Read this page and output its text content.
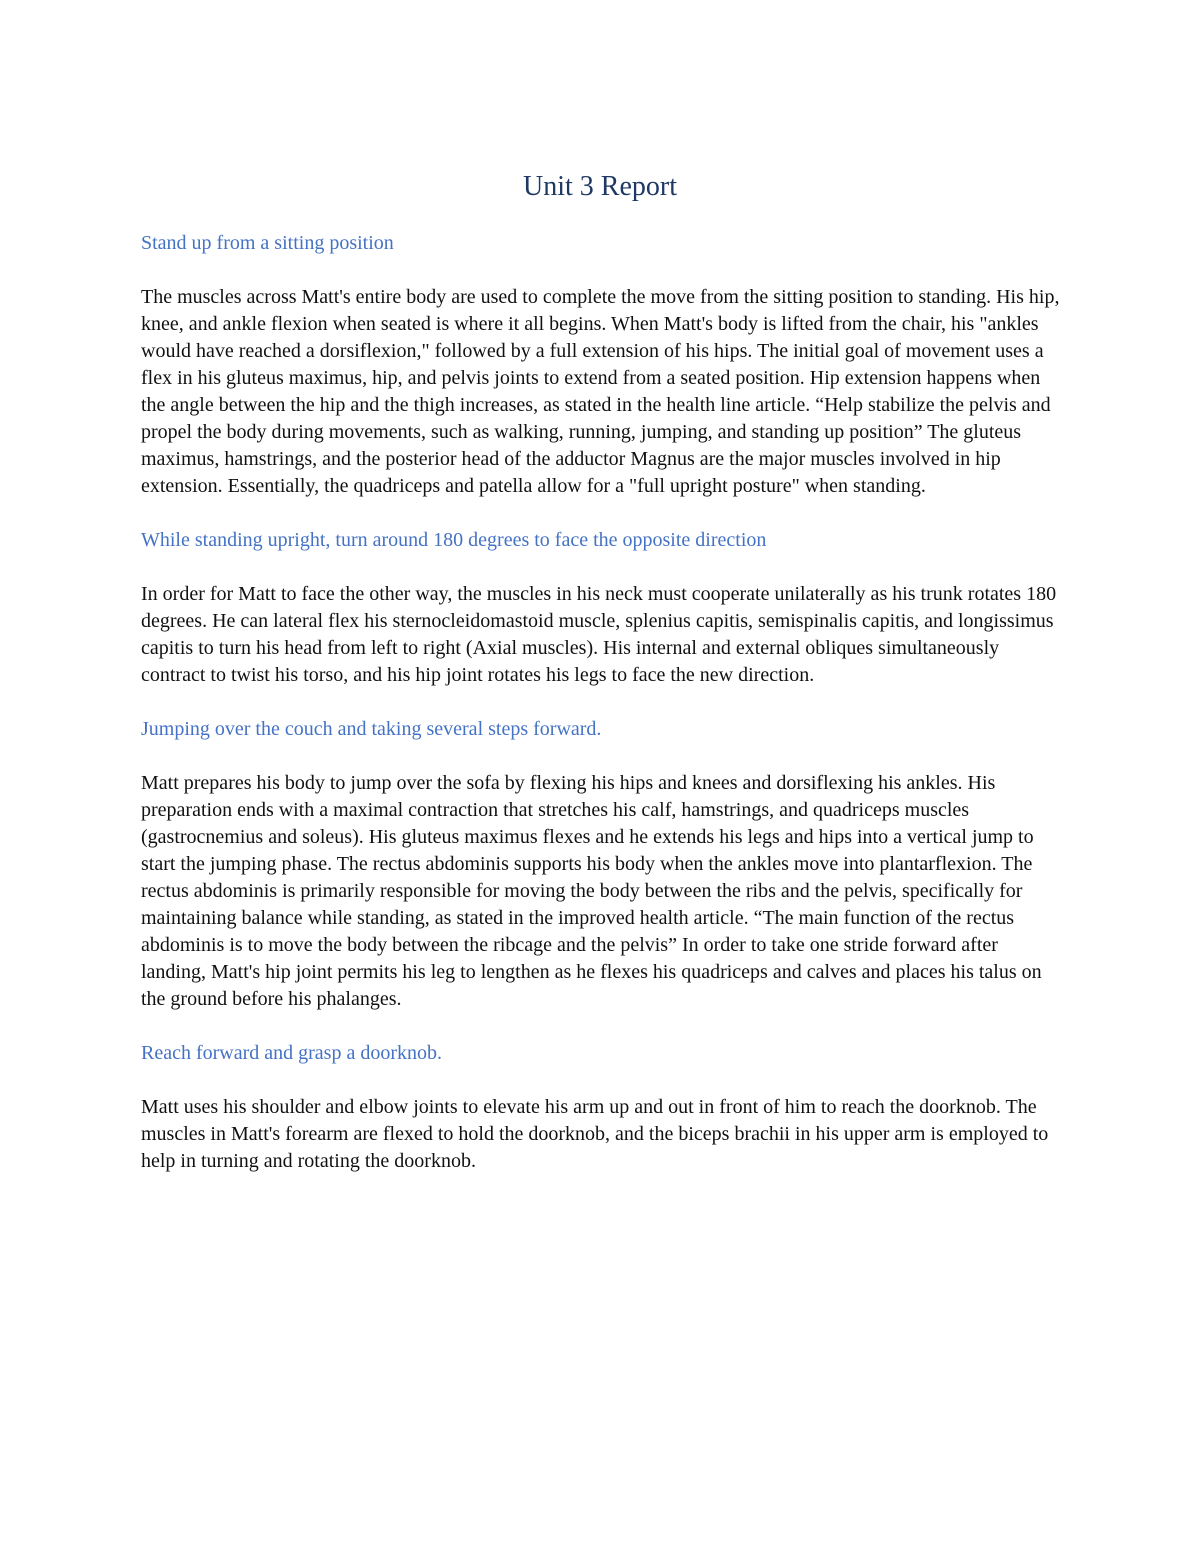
Unit 3 Report
Stand up from a sitting position

The muscles across Matt's entire body are used to complete the move from the sitting position to standing. His hip, knee, and ankle flexion when seated is where it all begins. When Matt's body is lifted from the chair, his "ankles would have reached a dorsiflexion," followed by a full extension of his hips. The initial goal of movement uses a flex in his gluteus maximus, hip, and pelvis joints to extend from a seated position. Hip extension happens when the angle between the hip and the thigh increases, as stated in the health line article. “Help stabilize the pelvis and propel the body during movements, such as walking, running, jumping, and standing up position” The gluteus maximus, hamstrings, and the posterior head of the adductor Magnus are the major muscles involved in hip extension. Essentially, the quadriceps and patella allow for a "full upright posture" when standing.

While standing upright, turn around 180 degrees to face the opposite direction

In order for Matt to face the other way, the muscles in his neck must cooperate unilaterally as his trunk rotates 180 degrees. He can lateral flex his sternocleidomastoid muscle, splenius capitis, semispinalis capitis, and longissimus capitis to turn his head from left to right (Axial muscles). His internal and external obliques simultaneously contract to twist his torso, and his hip joint rotates his legs to face the new direction.

Jumping over the couch and taking several steps forward.

Matt prepares his body to jump over the sofa by flexing his hips and knees and dorsiflexing his ankles. His preparation ends with a maximal contraction that stretches his calf, hamstrings, and quadriceps muscles (gastrocnemius and soleus). His gluteus maximus flexes and he extends his legs and hips into a vertical jump to start the jumping phase. The rectus abdominis supports his body when the ankles move into plantarflexion. The rectus abdominis is primarily responsible for moving the body between the ribs and the pelvis, specifically for maintaining balance while standing, as stated in the improved health article. “The main function of the rectus abdominis is to move the body between the ribcage and the pelvis” In order to take one stride forward after landing, Matt's hip joint permits his leg to lengthen as he flexes his quadriceps and calves and places his talus on the ground before his phalanges.

Reach forward and grasp a doorknob.

Matt uses his shoulder and elbow joints to elevate his arm up and out in front of him to reach the doorknob. The muscles in Matt's forearm are flexed to hold the doorknob, and the biceps brachii in his upper arm is employed to help in turning and rotating the doorknob.
